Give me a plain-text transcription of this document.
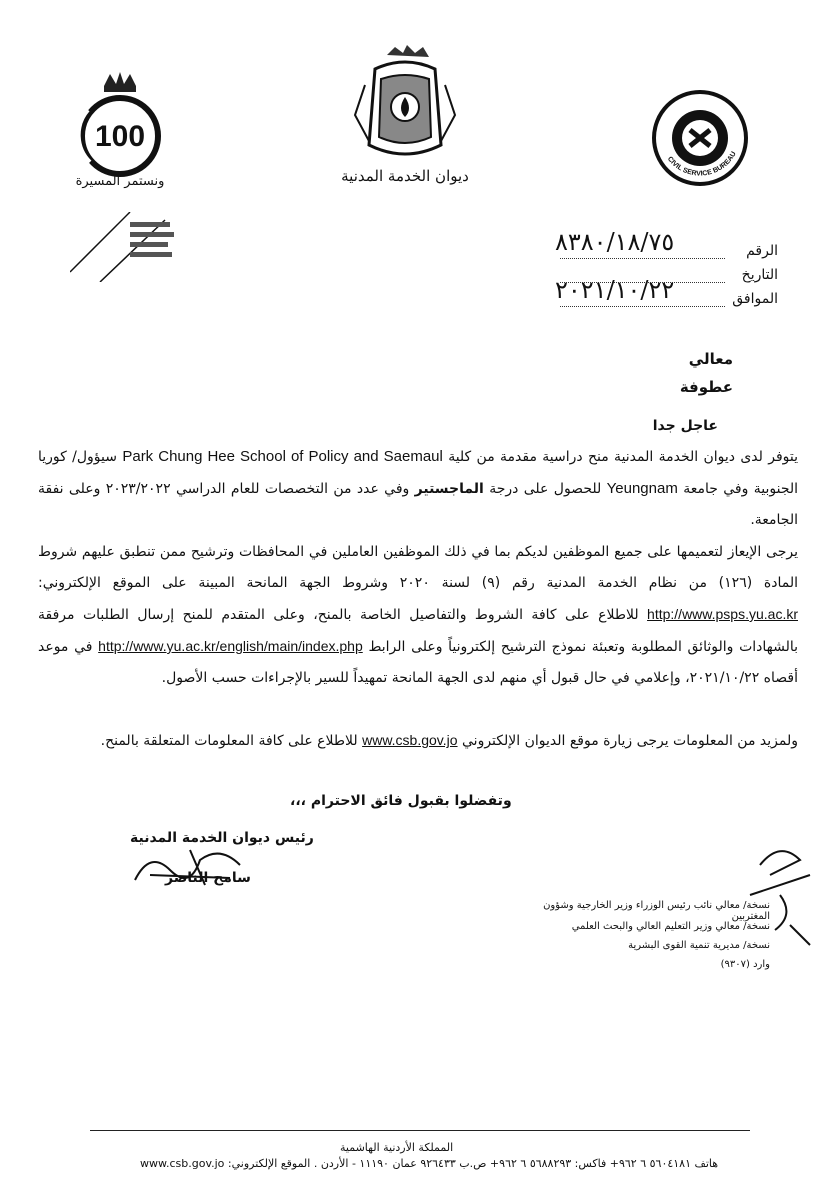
100
ونستمر المسيرة	ديوان الخدمة المدنية
CIVIL SERVICE BUREAU
الرقم
٨٣٨٠/١٨/٧٥
التاريخ
الموافق
٢٠٢١/١٠/٢٢
معالي
عطوفة
عاجل جدا
يتوفر لدى ديوان الخدمة المدنية منح دراسية مقدمة من كلية Park Chung Hee School of Policy and Saemaul سيؤول/ كوريا الجنوبية وفي جامعة Yeungnam للحصول على درجة الماجستير وفي عدد من التخصصات للعام الدراسي ٢٠٢٣/٢٠٢٢ وعلى نفقة الجامعة.
يرجى الإيعاز لتعميمها على جميع الموظفين لديكم بما في ذلك الموظفين العاملين في المحافظات وترشيح ممن تنطبق عليهم شروط المادة (١٢٦) من نظام الخدمة المدنية رقم (٩) لسنة ٢٠٢٠ وشروط الجهة المانحة المبينة على الموقع الإلكتروني: http://www.psps.yu.ac.kr للاطلاع على كافة الشروط والتفاصيل الخاصة بالمنح، وعلى المتقدم للمنح إرسال الطلبات مرفقة بالشهادات والوثائق المطلوبة وتعبئة نموذج الترشيح إلكترونياً وعلى الرابط http://www.yu.ac.kr/english/main/index.php في موعد أقصاه ٢٠٢١/١٠/٢٢، وإعلامي في حال قبول أي منهم لدى الجهة المانحة تمهيداً للسير بالإجراءات حسب الأصول.
ولمزيد من المعلومات يرجى زيارة موقع الديوان الإلكتروني www.csb.gov.jo للاطلاع على كافة المعلومات المتعلقة بالمنح.
وتفضلوا بقبول فائق الاحترام ،،،
رئيس ديوان الخدمة المدنية
سامح الناصر
نسخة/ معالي نائب رئيس الوزراء وزير الخارجية وشؤون المغتربين
نسخة/ معالي وزير التعليم العالي والبحث العلمي
نسخة/ مديرية تنمية القوى البشرية
وارد (٩٣٠٧)
المملكة الأردنية الهاشمية
www.csb.gov.jo :هاتف ٥٦٠٤١٨١ ٦ ٩٦٢+ فاكس: ٥٦٨٨٢٩٣ ٦ ٩٦٢+ ص.ب ٩٢٦٤٣٣ عمان ١١١٩٠ - الأردن . الموقع الإلكتروني
